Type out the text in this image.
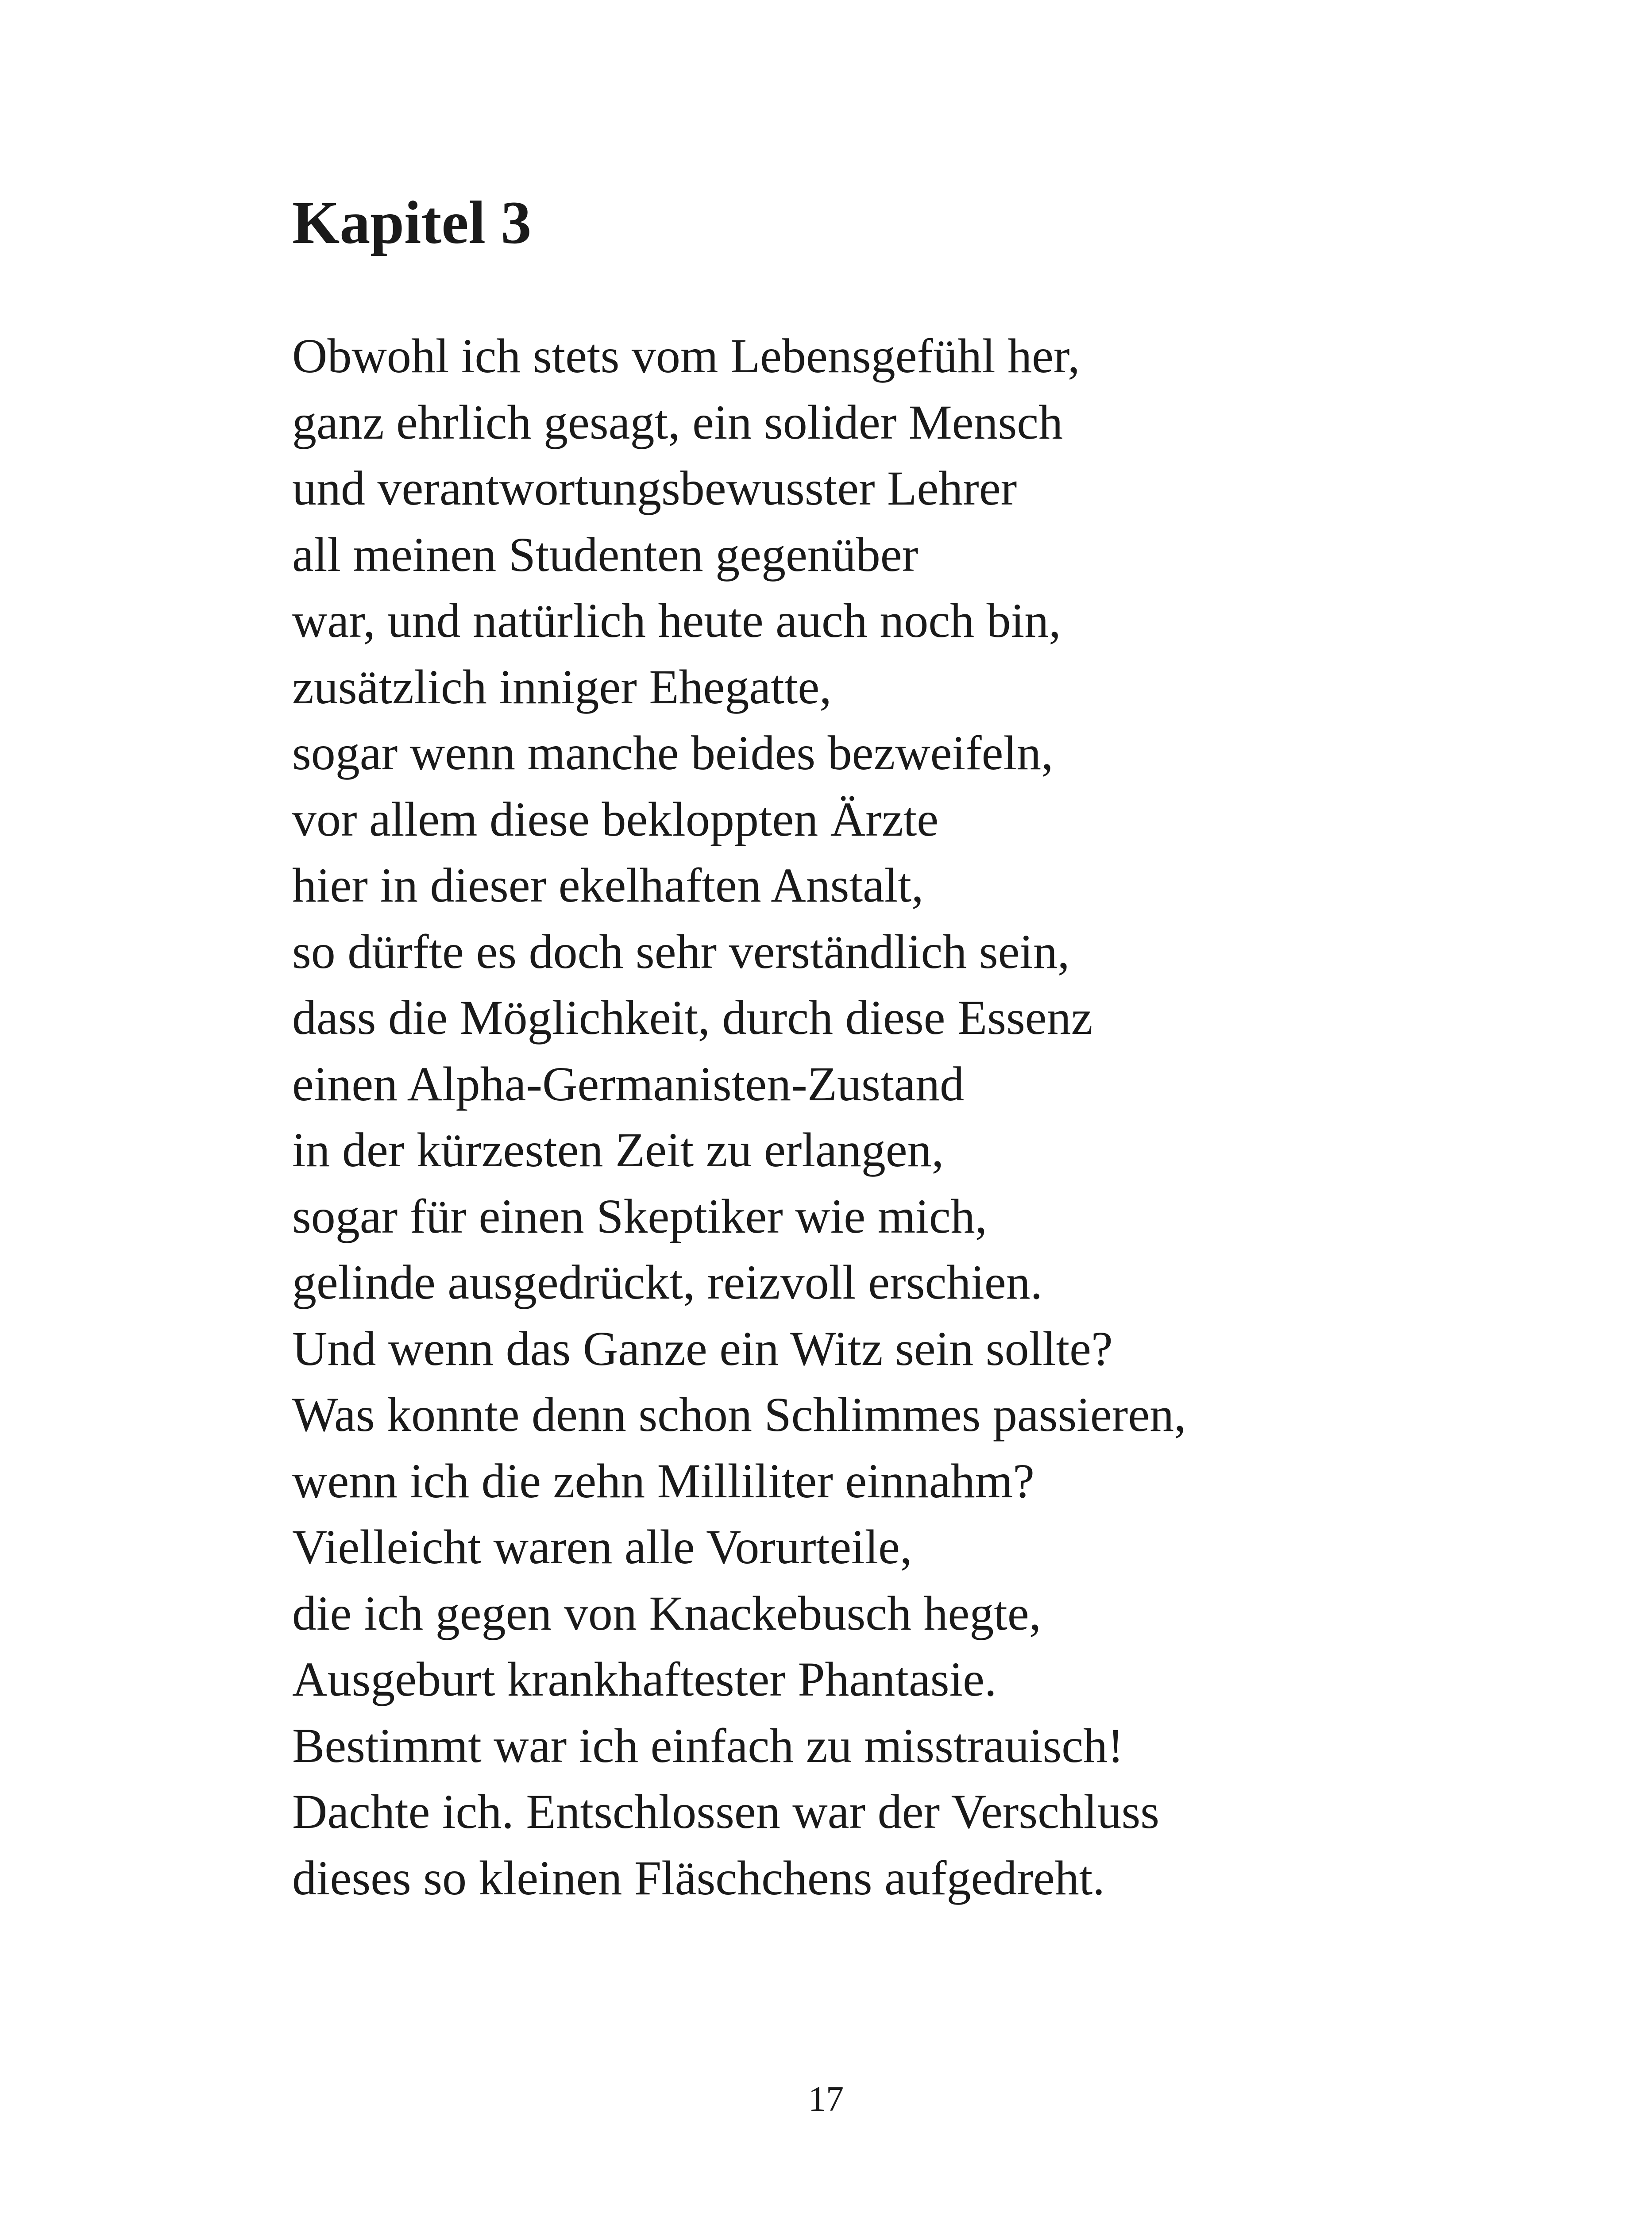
Kapitel 3
Obwohl ich stets vom Lebensgefühl her,
ganz ehrlich gesagt, ein solider Mensch
und verantwortungsbewusster Lehrer
all meinen Studenten gegenüber
war, und natürlich heute auch noch bin,
zusätzlich inniger Ehegatte,
sogar wenn manche beides bezweifeln,
vor allem diese bekloppten Ärzte
hier in dieser ekelhaften Anstalt,
so dürfte es doch sehr verständlich sein,
dass die Möglichkeit, durch diese Essenz
einen Alpha-Germanisten-Zustand
in der kürzesten Zeit zu erlangen,
sogar für einen Skeptiker wie mich,
gelinde ausgedrückt, reizvoll erschien.
Und wenn das Ganze ein Witz sein sollte?
Was konnte denn schon Schlimmes passieren,
wenn ich die zehn Milliliter einnahm?
Vielleicht waren alle Vorurteile,
die ich gegen von Knackebusch hegte,
Ausgeburt krankhaftester Phantasie.
Bestimmt war ich einfach zu misstrauisch!
Dachte ich. Entschlossen war der Verschluss
dieses so kleinen Fläschchens aufgedreht.
17
